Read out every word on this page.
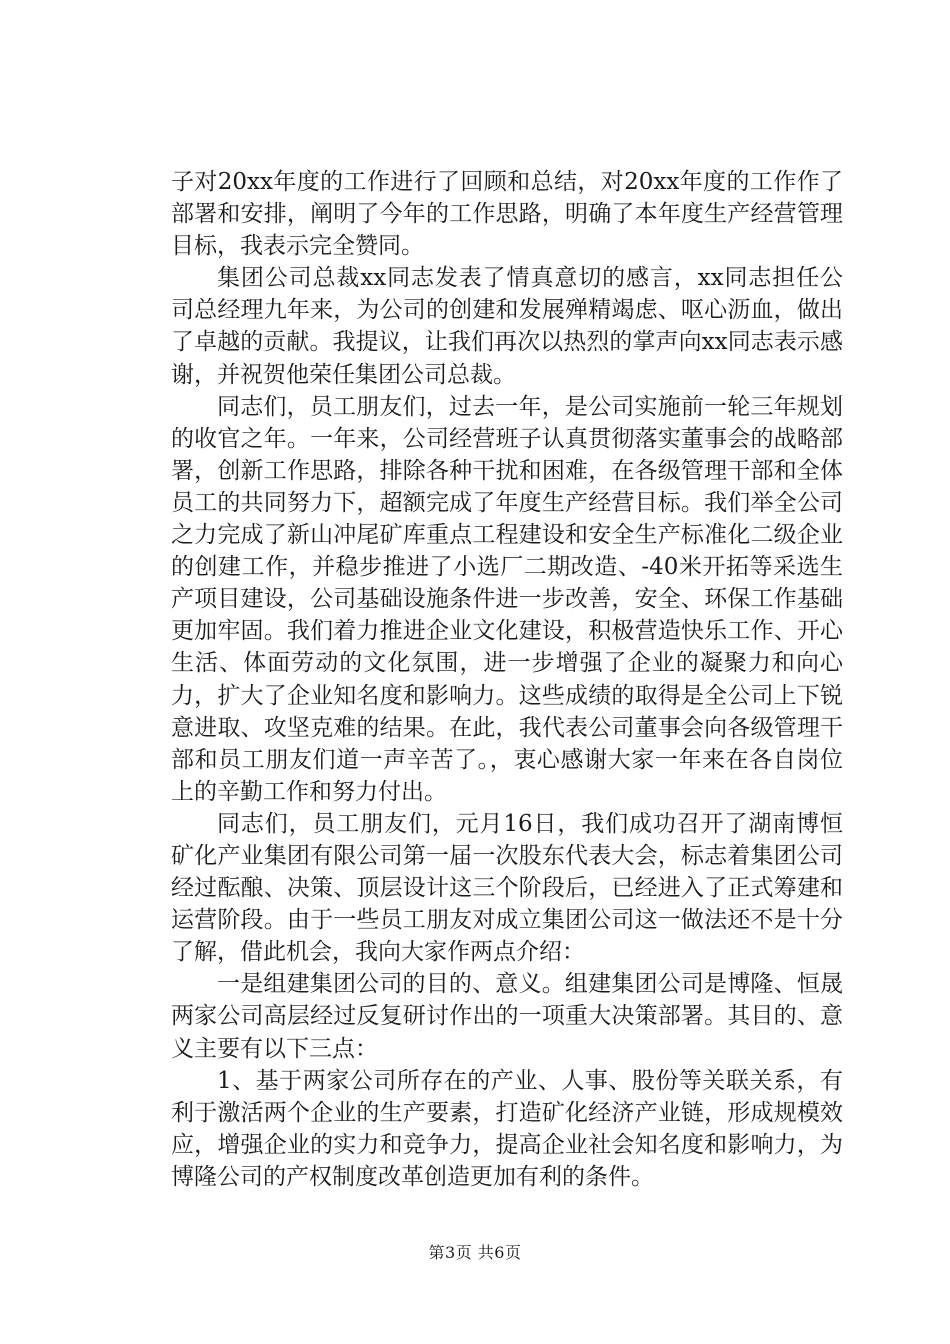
子对20xx年度的工作进行了回顾和总结，对20xx年度的工作作了部署和安排，阐明了今年的工作思路，明确了本年度生产经营管理目标，我表示完全赞同。

集团公司总裁xx同志发表了情真意切的感言，xx同志担任公司总经理九年来，为公司的创建和发展殚精竭虑、呕心沥血，做出了卓越的贡献。我提议，让我们再次以热烈的掌声向xx同志表示感谢，并祝贺他荣任集团公司总裁。

同志们，员工朋友们，过去一年，是公司实施前一轮三年规划的收官之年。一年来，公司经营班子认真贯彻落实董事会的战略部署，创新工作思路，排除各种干扰和困难，在各级管理干部和全体员工的共同努力下，超额完成了年度生产经营目标。我们举全公司之力完成了新山冲尾矿库重点工程建设和安全生产标准化二级企业的创建工作，并稳步推进了小选厂二期改造、-40米开拓等采选生产项目建设，公司基础设施条件进一步改善，安全、环保工作基础更加牢固。我们着力推进企业文化建设，积极营造快乐工作、开心生活、体面劳动的文化氛围，进一步增强了企业的凝聚力和向心力，扩大了企业知名度和影响力。这些成绩的取得是全公司上下锐意进取、攻坚克难的结果。在此，我代表公司董事会向各级管理干部和员工朋友们道一声辛苦了。，衷心感谢大家一年来在各自岗位上的辛勤工作和努力付出。

同志们，员工朋友们，元月16日，我们成功召开了湖南博恒矿化产业集团有限公司第一届一次股东代表大会，标志着集团公司经过酝酿、决策、顶层设计这三个阶段后，已经进入了正式筹建和运营阶段。由于一些员工朋友对成立集团公司这一做法还不是十分了解，借此机会，我向大家作两点介绍：

一是组建集团公司的目的、意义。组建集团公司是博隆、恒晟两家公司高层经过反复研讨作出的一项重大决策部署。其目的、意义主要有以下三点：

1、基于两家公司所存在的产业、人事、股份等关联关系，有利于激活两个企业的生产要素，打造矿化经济产业链，形成规模效应，增强企业的实力和竞争力，提高企业社会知名度和影响力，为博隆公司的产权制度改革创造更加有利的条件。

第3页 共6页
